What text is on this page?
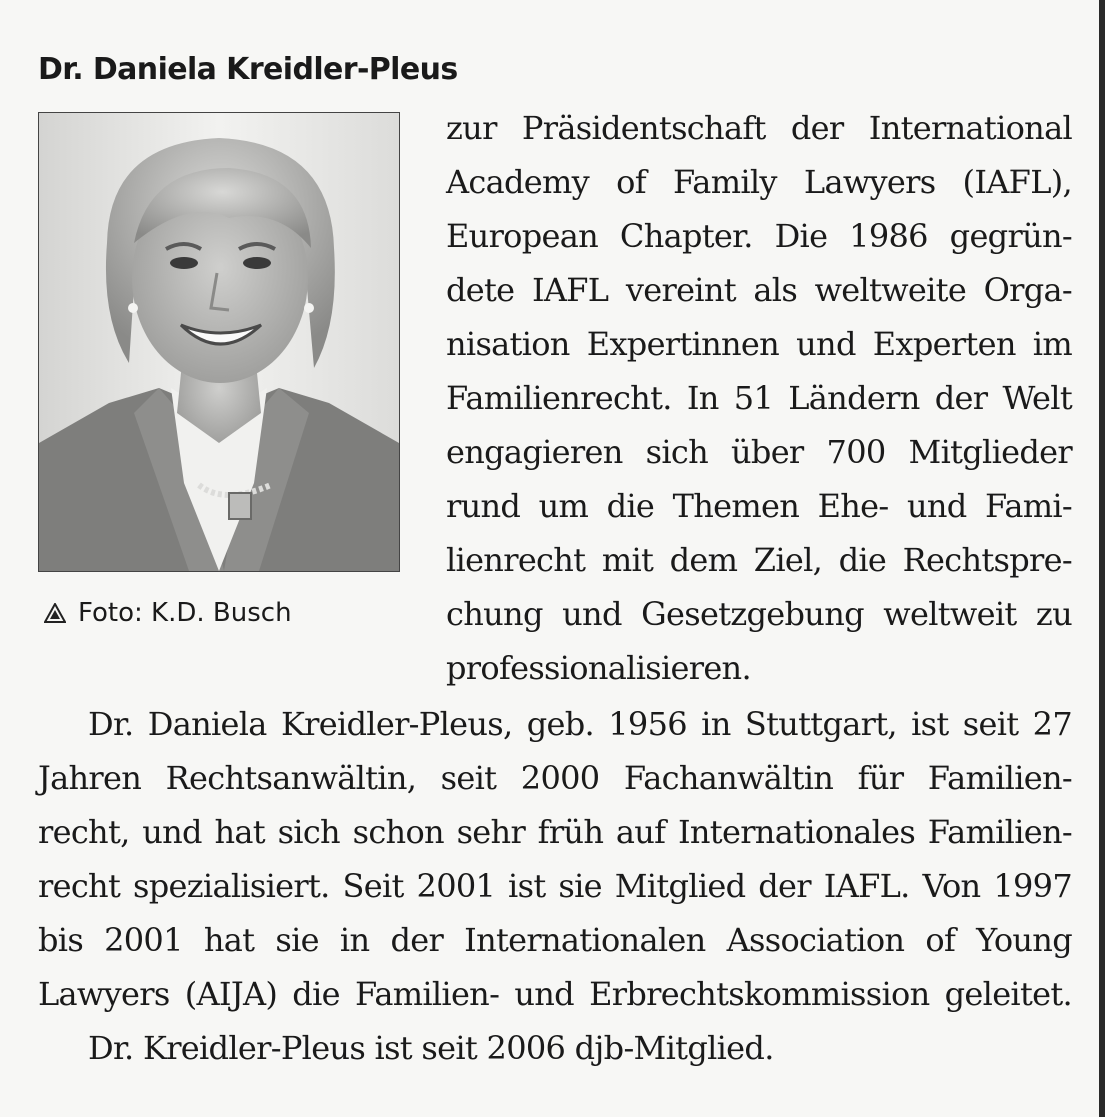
Dr. Daniela Kreidler-Pleus
Foto: K.D. Busch

zur Präsidentschaft der International

Academy of Family Lawyers (IAFL),

European Chapter. Die 1986 gegrün-

dete IAFL vereint als weltweite Orga-

nisation Expertinnen und Experten im

Familienrecht. In 51 Ländern der Welt

engagieren sich über 700 Mitglieder

rund um die Themen Ehe- und Fami-

lienrecht mit dem Ziel, die Rechtspre-

chung und Gesetzgebung weltweit zu

professionalisieren.

Dr. Daniela Kreidler-Pleus, geb. 1956 in Stuttgart, ist seit 27

Jahren Rechtsanwältin, seit 2000 Fachanwältin für Familien-

recht, und hat sich schon sehr früh auf Internationales Familien-

recht spezialisiert. Seit 2001 ist sie Mitglied der IAFL. Von 1997

bis 2001 hat sie in der Internationalen Association of Young

Lawyers (AIJA) die Familien- und Erbrechtskommission geleitet.

Dr. Kreidler-Pleus ist seit 2006 djb-Mitglied.
